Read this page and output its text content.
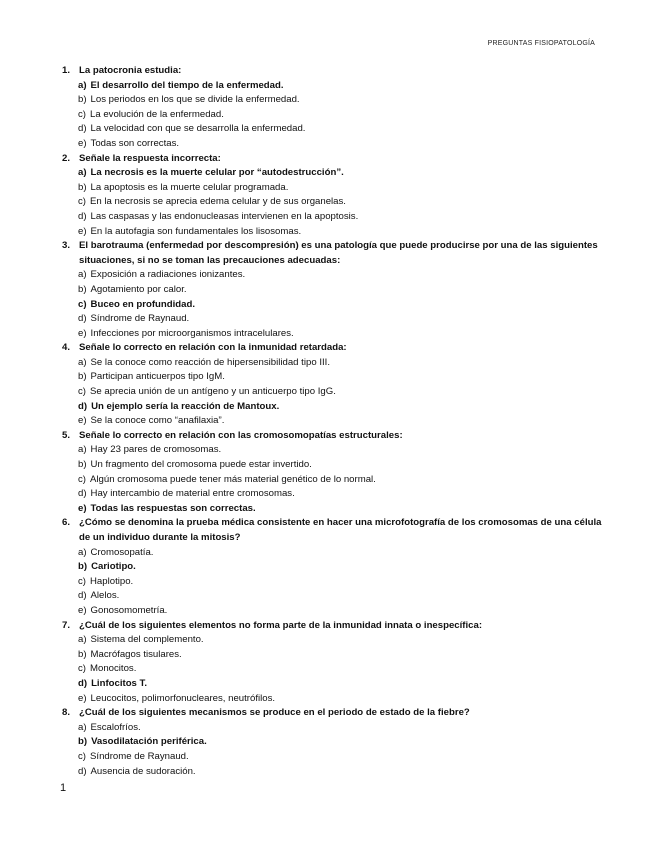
PREGUNTAS FISIOPATOLOGÍA
1. La patocronia estudia:
a) El desarrollo del tiempo de la enfermedad.
b) Los periodos en los que se divide la enfermedad.
c) La evolución de la enfermedad.
d) La velocidad con que se desarrolla la enfermedad.
e) Todas son correctas.
2. Señale la respuesta incorrecta:
a) La necrosis es la muerte celular por “autodestrucción”.
b) La apoptosis es la muerte celular programada.
c) En la necrosis se aprecia edema celular y de sus organelas.
d) Las caspasas y las endonucleasas intervienen en la apoptosis.
e) En la autofagia son fundamentales los lisosomas.
3. El barotrauma (enfermedad por descompresión) es una patología que puede producirse por una de las siguientes situaciones, si no se toman las precauciones adecuadas:
a) Exposición a radiaciones ionizantes.
b) Agotamiento por calor.
c) Buceo en profundidad.
d) Síndrome de Raynaud.
e) Infecciones por microorganismos intracelulares.
4. Señale lo correcto en relación con la inmunidad retardada:
a) Se la conoce como reacción de hipersensibilidad tipo III.
b) Participan anticuerpos tipo IgM.
c) Se aprecia unión de un antígeno y un anticuerpo tipo IgG.
d) Un ejemplo sería la reacción de Mantoux.
e) Se la conoce como “anafilaxia”.
5. Señale lo correcto en relación con las cromosomopatías estructurales:
a) Hay 23 pares de cromosomas.
b) Un fragmento del cromosoma puede estar invertido.
c) Algún cromosoma puede tener más material genético de lo normal.
d) Hay intercambio de material entre cromosomas.
e) Todas las respuestas son correctas.
6. ¿Cómo se denomina la prueba médica consistente en hacer una microfotografía de los cromosomas de una célula de un individuo durante la mitosis?
a) Cromosopatía.
b) Cariotipo.
c) Haplotipo.
d) Alelos.
e) Gonosomometría.
7. ¿Cuál de los siguientes elementos no forma parte de la inmunidad innata o inespecífica:
a) Sistema del complemento.
b) Macrófagos tisulares.
c) Monocitos.
d) Linfocitos T.
e) Leucocitos, polimorfonucleares, neutrófilos.
8. ¿Cuál de los siguientes mecanismos se produce en el periodo de estado de la fiebre?
a) Escalofríos.
b) Vasodilatación periférica.
c) Síndrome de Raynaud.
d) Ausencia de sudoración.
1
